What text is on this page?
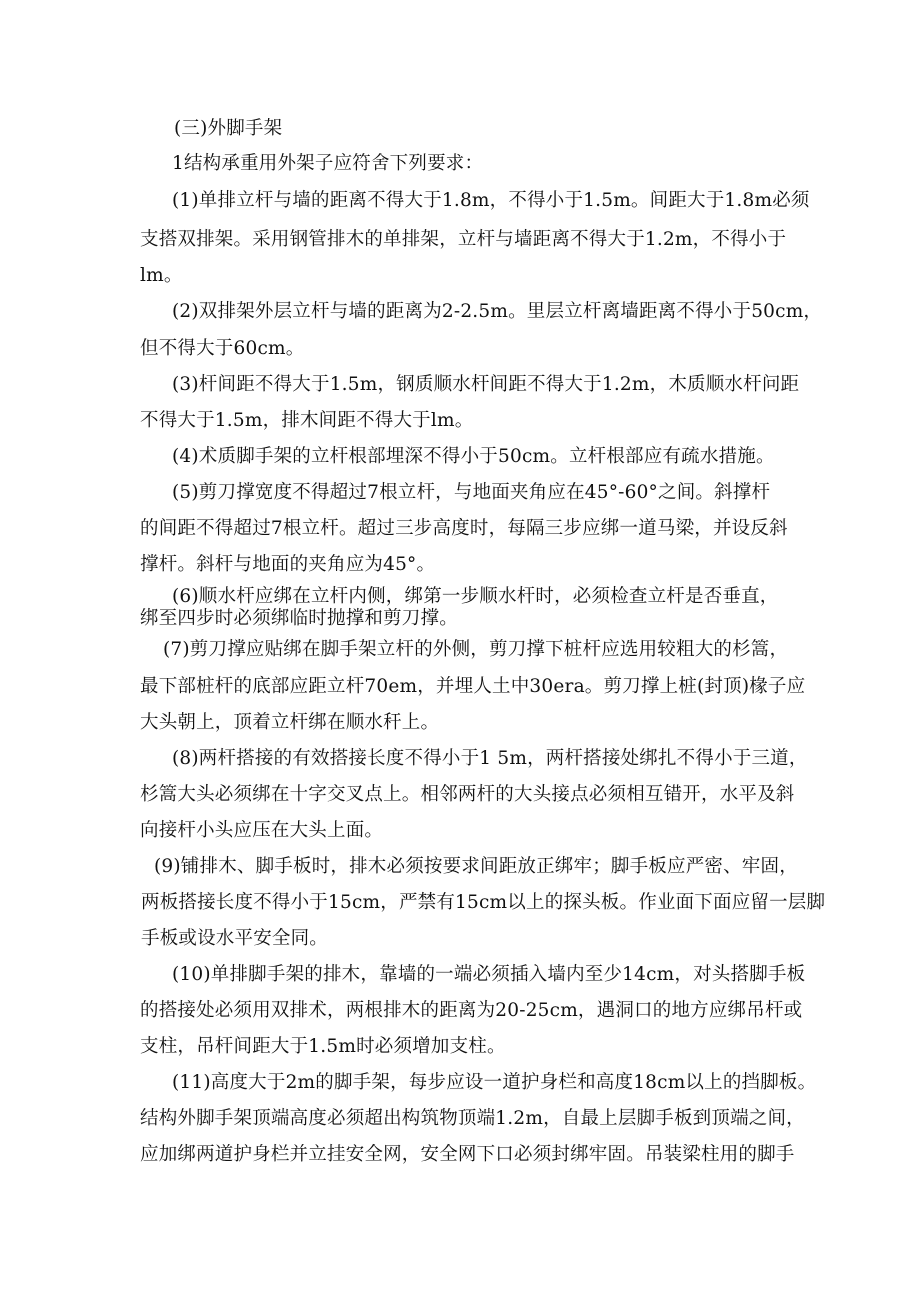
(三)外脚手架
1结构承重用外架子应符舍下列要求：
(1)单排立杆与墙的距离不得大于1.8m，不得小于1.5m。间距大于1.8m必须
支搭双排架。采用钢管排木的单排架，立杆与墙距离不得大于1.2m，不得小于
lm。
(2)双排架外层立杆与墙的距离为2-2.5m。里层立杆离墙距离不得小于50cm，
但不得大于60cm。
(3)杆间距不得大于1.5m，钢质顺水杆间距不得大于1.2m，木质顺水杆问距
不得大于1.5m，排木间距不得大于lm。
(4)术质脚手架的立杆根部埋深不得小于50cm。立杆根部应有疏水措施。
(5)剪刀撑宽度不得超过7根立杆，与地面夹角应在45°-60°之间。斜撑杆
的间距不得超过7根立杆。超过三步高度时，每隔三步应绑一道马梁，并设反斜
撑杆。斜杆与地面的夹角应为45°。
(6)顺水杆应绑在立杆内侧，绑第一步顺水杆时，必须检查立杆是否垂直，
绑至四步时必须绑临时抛撑和剪刀撑。
(7)剪刀撑应贴绑在脚手架立杆的外侧，剪刀撑下桩杆应选用较粗大的杉篙，
最下部桩杆的底部应距立杆70em，并埋人土中30era。剪刀撑上桩(封顶)椽子应
大头朝上，顶着立杆绑在顺水秆上。
(8)两杆搭接的有效搭接长度不得小于1 5m，两杆搭接处绑扎不得小于三道，
杉篙大头必须绑在十字交叉点上。相邻两杆的大头接点必须相互错开，水平及斜
向接杆小头应压在大头上面。
(9)铺排木、脚手板时，排木必须按要求间距放正绑牢；脚手板应严密、牢固，
两板搭接长度不得小于15cm，严禁有15cm以上的探头板。作业面下面应留一层脚
手板或设水平安全同。
(10)单排脚手架的排木，靠墙的一端必须插入墙内至少14cm，对头搭脚手板
的搭接处必须用双排术，两根排木的距离为20-25cm，遇洞口的地方应绑吊杆或
支柱，吊杆间距大于1.5m时必须增加支柱。
(11)高度大于2m的脚手架，每步应设一道护身栏和高度18cm以上的挡脚板。
结构外脚手架顶端高度必须超出构筑物顶端1.2m，自最上层脚手板到顶端之间，
应加绑两道护身栏并立挂安全网，安全网下口必须封绑牢固。吊装梁柱用的脚手
